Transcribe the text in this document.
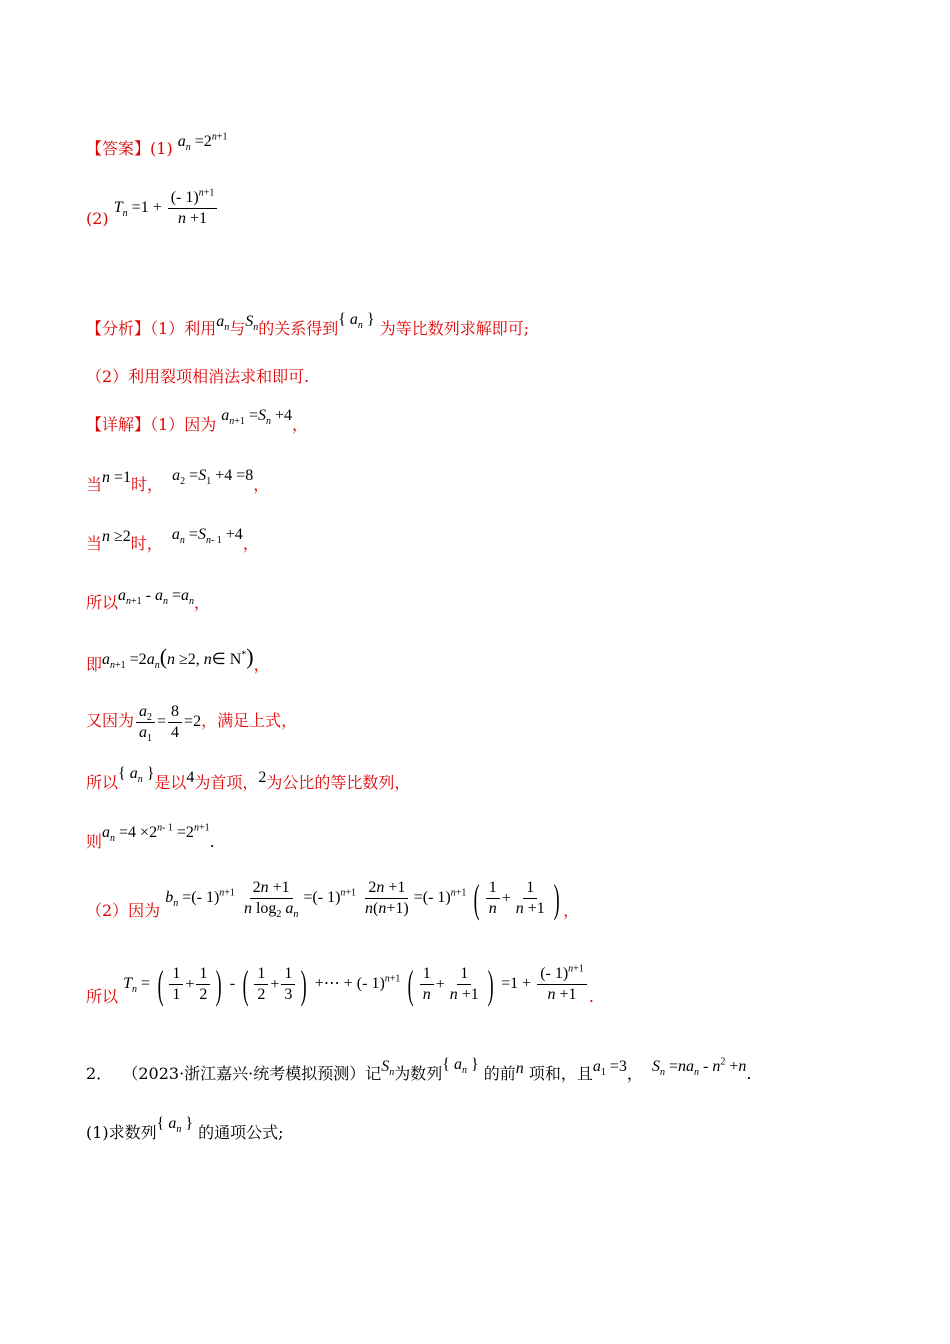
【答案】(1) $a_n =2^{n+1}$
(2) $T_n =1 + \frac{(- 1)^{n+1}}{n +1}$
【分析】（1）利用$a_n$与$S_n$的关系得到{ $a_n$ } 为等比数列求解即可;
（2）利用裂项相消法求和即可.
【详解】（1）因为 $a_{n+1} =S_n +4$，
当n =1时， $a_2 =S_1 +4 =8$，
当n ≥2时， $a_n =S_{n- 1} +4$，
所以$a_{n+1} - a_n =a_n$，
即$a_{n+1} =2a_n(n \ge 2$, n∈ N*)，
又因为 $\frac{a_2}{a_1} = \frac{8}{4} =2$，满足上式，
所以{ $a_n$ }是以4为首项，2为公比的等比数列，
则$a_n =4 \times 2^{n- 1} =2^{n+1}$.
（2）因为 $b_n$ =(- $1)^{n+1} \frac{2n +1}{n \log_2 a_n}$ =(- $1)^{n+1} \frac{2n +1}{n(n+1)}$ =(- 1)$^{n+1}$ ( $\frac{1}{n} + \frac{1}{n +1}$ ) ，
所以 $T_n$ = ( $\frac{1}{1} + \frac{1}{2}$ ) - ( $\frac{1}{2} + \frac{1}{3}$ ) +⋯ + (- 1)$^{n+1}$ ( $\frac{1}{n} + \frac{1}{n +1}$ ) $=1 + \frac{(- 1)^{n+1}}{n +1}$ .
2． （2023·浙江嘉兴·统考模拟预测）记$S_n$为数列{ $a_n$ } 的前n 项和，且$a_1 =3$， $S_n =na_n - n^2 +n$.
(1)求数列{ $a_n$ } 的通项公式;
